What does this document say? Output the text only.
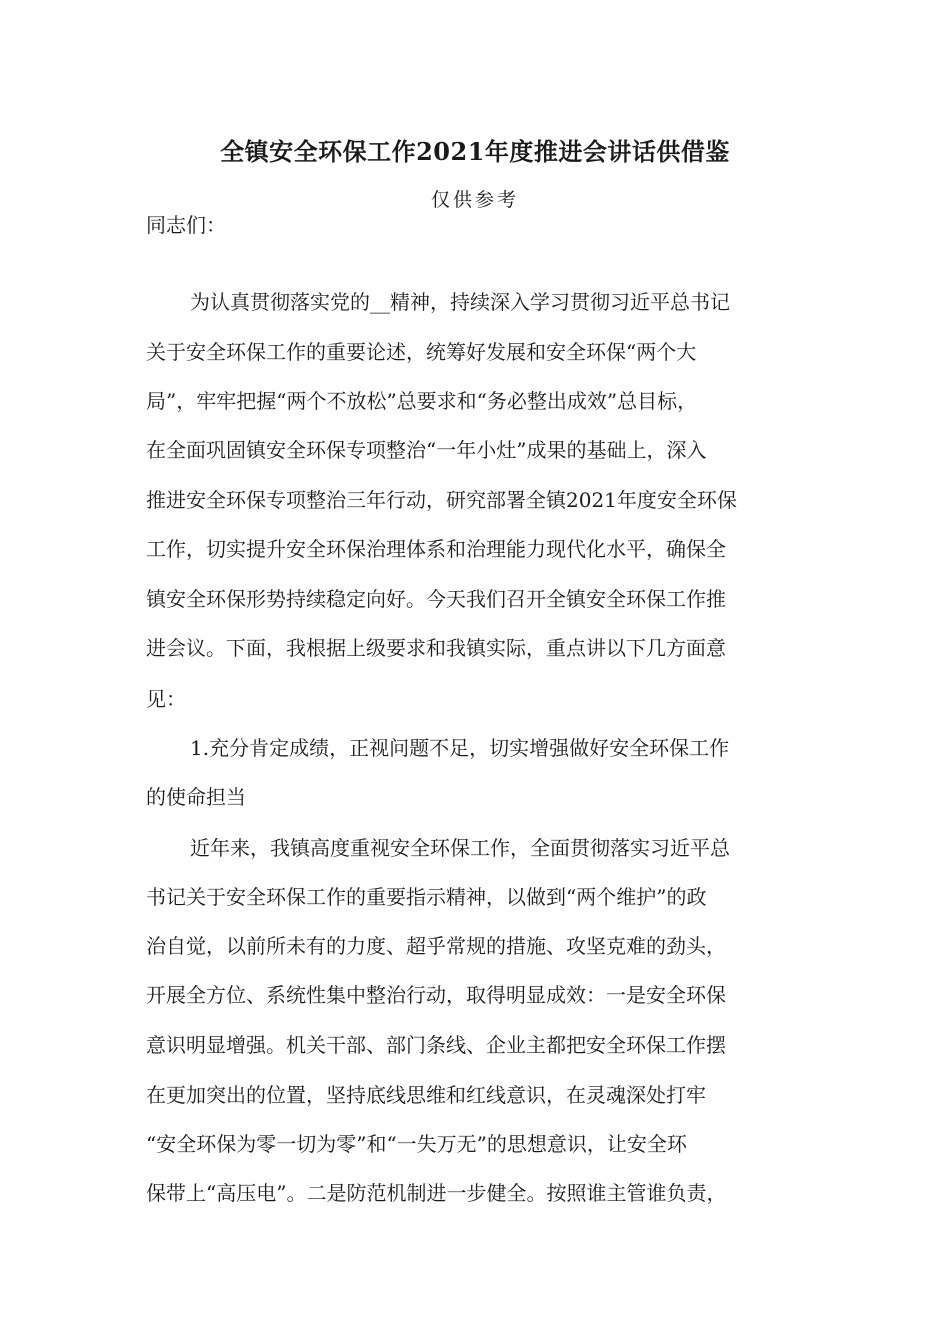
全镇安全环保工作2021年度推进会讲话供借鉴

仅供参考

同志们：

为认真贯彻落实党的__精神，持续深入学习贯彻习近平总书记

关于安全环保工作的重要论述，统筹好发展和安全环保“两个大

局”，牢牢把握“两个不放松”总要求和“务必整出成效”总目标，

在全面巩固镇安全环保专项整治“一年小灶”成果的基础上，深入

推进安全环保专项整治三年行动，研究部署全镇2021年度安全环保

工作，切实提升安全环保治理体系和治理能力现代化水平，确保全

镇安全环保形势持续稳定向好。今天我们召开全镇安全环保工作推

进会议。下面，我根据上级要求和我镇实际，重点讲以下几方面意

见：

1.充分肯定成绩，正视问题不足，切实增强做好安全环保工作

的使命担当

近年来，我镇高度重视安全环保工作，全面贯彻落实习近平总

书记关于安全环保工作的重要指示精神，以做到“两个维护”的政

治自觉，以前所未有的力度、超乎常规的措施、攻坚克难的劲头，

开展全方位、系统性集中整治行动，取得明显成效：一是安全环保

意识明显增强。机关干部、部门条线、企业主都把安全环保工作摆

在更加突出的位置，坚持底线思维和红线意识，在灵魂深处打牢

“安全环保为零一切为零”和“一失万无”的思想意识，让安全环

保带上“高压电”。二是防范机制进一步健全。按照谁主管谁负责，
